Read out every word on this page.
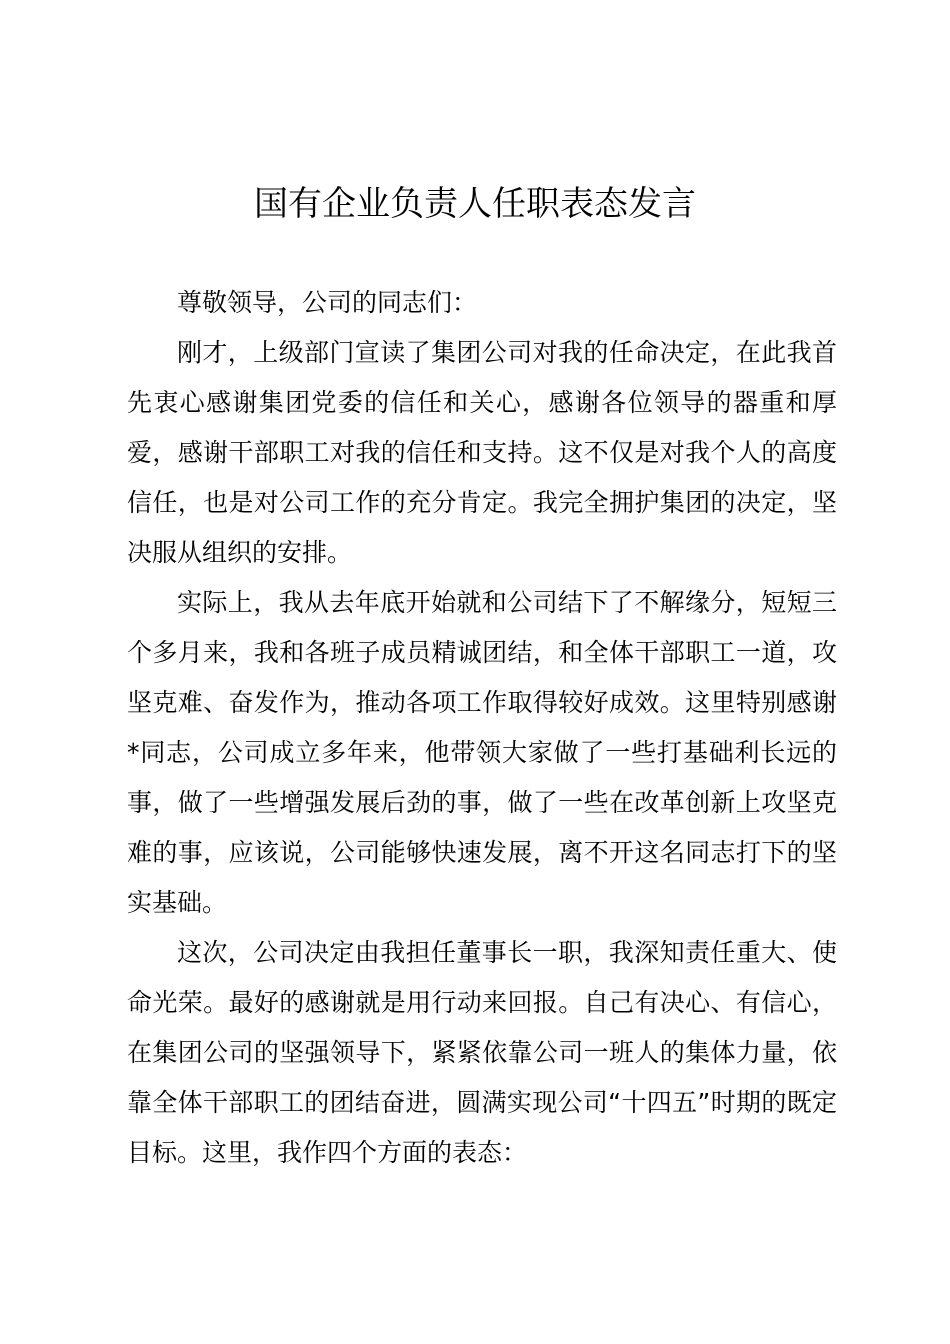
国有企业负责人任职表态发言

尊敬领导，公司的同志们：

刚才，上级部门宣读了集团公司对我的任命决定，在此我首先衷心感谢集团党委的信任和关心，感谢各位领导的器重和厚爱，感谢干部职工对我的信任和支持。这不仅是对我个人的高度信任，也是对公司工作的充分肯定。我完全拥护集团的决定，坚决服从组织的安排。

实际上，我从去年底开始就和公司结下了不解缘分，短短三个多月来，我和各班子成员精诚团结，和全体干部职工一道，攻坚克难、奋发作为，推动各项工作取得较好成效。这里特别感谢*同志，公司成立多年来，他带领大家做了一些打基础利长远的事，做了一些增强发展后劲的事，做了一些在改革创新上攻坚克难的事，应该说，公司能够快速发展，离不开这名同志打下的坚实基础。

这次，公司决定由我担任董事长一职，我深知责任重大、使命光荣。最好的感谢就是用行动来回报。自己有决心、有信心，在集团公司的坚强领导下，紧紧依靠公司一班人的集体力量，依靠全体干部职工的团结奋进，圆满实现公司“十四五”时期的既定目标。这里，我作四个方面的表态：
